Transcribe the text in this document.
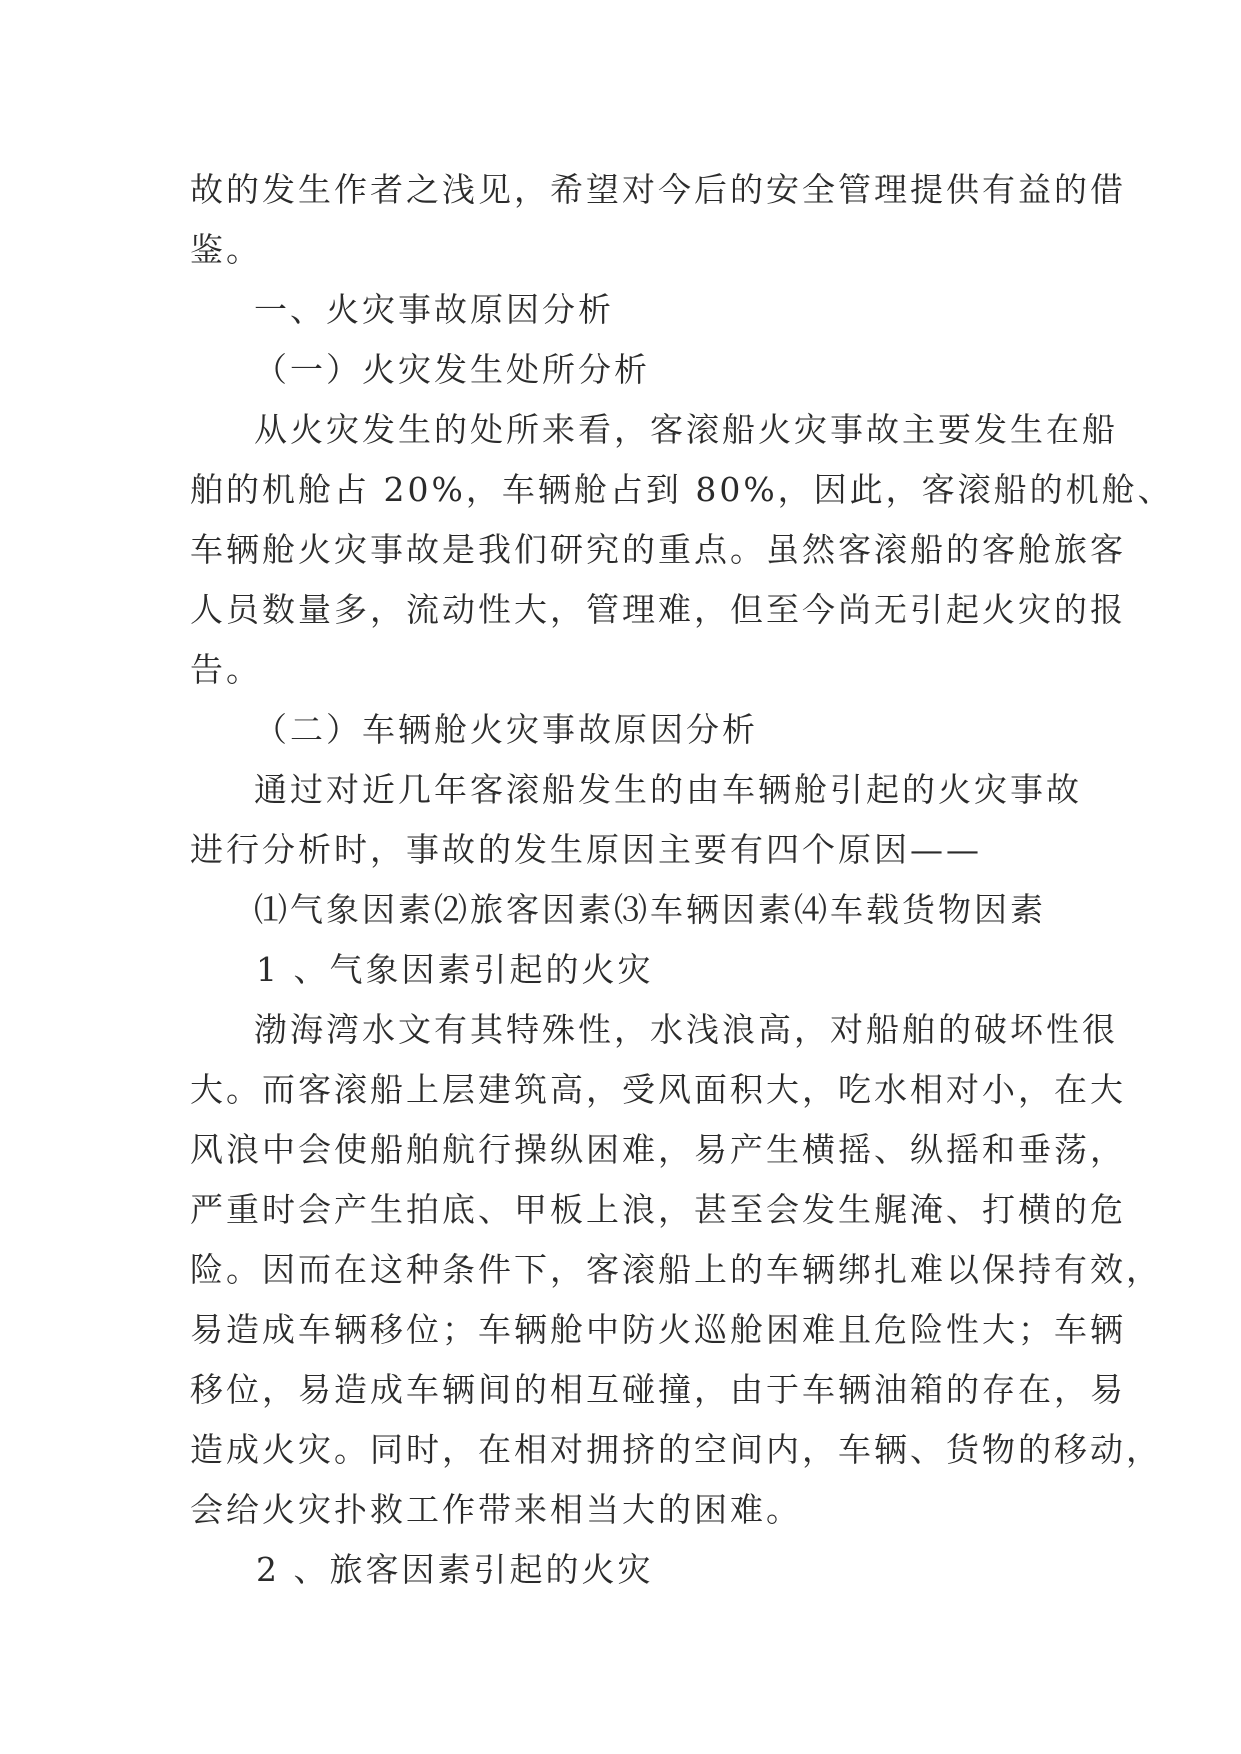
故的发生作者之浅见，希望对今后的安全管理提供有益的借
鉴。
一、火灾事故原因分析
（一）火灾发生处所分析
从火灾发生的处所来看，客滚船火灾事故主要发生在船
舶的机舱占 20%，车辆舱占到 80%，因此，客滚船的机舱、
车辆舱火灾事故是我们研究的重点。虽然客滚船的客舱旅客
人员数量多，流动性大，管理难，但至今尚无引起火灾的报
告。
（二）车辆舱火灾事故原因分析
通过对近几年客滚船发生的由车辆舱引起的火灾事故
进行分析时，事故的发生原因主要有四个原因——
⑴气象因素⑵旅客因素⑶车辆因素⑷车载货物因素
1 、气象因素引起的火灾
渤海湾水文有其特殊性，水浅浪高，对船舶的破坏性很
大。而客滚船上层建筑高，受风面积大，吃水相对小，在大
风浪中会使船舶航行操纵困难，易产生横摇、纵摇和垂荡，
严重时会产生拍底、甲板上浪，甚至会发生艉淹、打横的危
险。因而在这种条件下，客滚船上的车辆绑扎难以保持有效，
易造成车辆移位；车辆舱中防火巡舱困难且危险性大；车辆
移位，易造成车辆间的相互碰撞，由于车辆油箱的存在，易
造成火灾。同时，在相对拥挤的空间内，车辆、货物的移动，
会给火灾扑救工作带来相当大的困难。
2 、旅客因素引起的火灾
